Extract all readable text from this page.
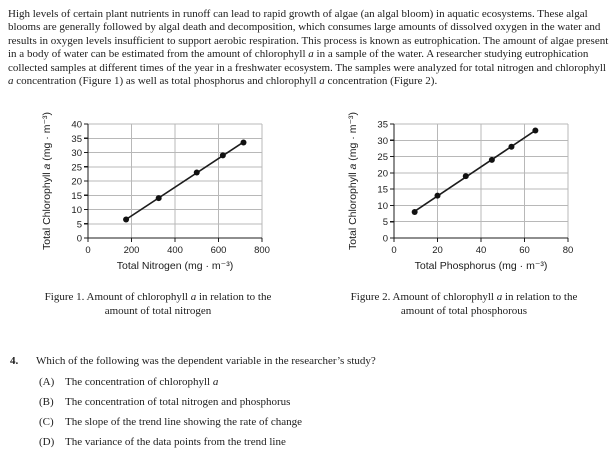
High levels of certain plant nutrients in runoff can lead to rapid growth of algae (an algal bloom) in aquatic ecosystems. These algal blooms are generally followed by algal death and decomposition, which consumes large amounts of dissolved oxygen in the water and results in oxygen levels insufficient to support aerobic respiration. This process is known as eutrophication. The amount of algae present in a body of water can be estimated from the amount of chlorophyll a in a sample of the water. A researcher studying eutrophication collected samples at different times of the year in a freshwater ecosystem. The samples were analyzed for total nitrogen and chlorophyll a concentration (Figure 1) as well as total phosphorus and chlorophyll a concentration (Figure 2).

0	200	400	600	800
0
5
10
15
20
25
30
35
40
Total Nitrogen (mg · m⁻³)
Total Chlorophyll a (mg · m⁻³)
Figure 1. Amount of chlorophyll a in relation to the
amount of total nitrogen
0	20	40	60	80
0
5
10
15
20
25
30
35
Total Phosphorus (mg · m⁻³)
Total Chlorophyll a (mg · m⁻³)
Figure 2. Amount of chlorophyll a in relation to the
amount of total phosphorous
4.	Which of the following was the dependent variable in the researcher’s study?
(A) The concentration of chlorophyll a
(B)	The concentration of total nitrogen and phosphorus
(C)	The slope of the trend line showing the rate of change
(D) The variance of the data points from the trend line
